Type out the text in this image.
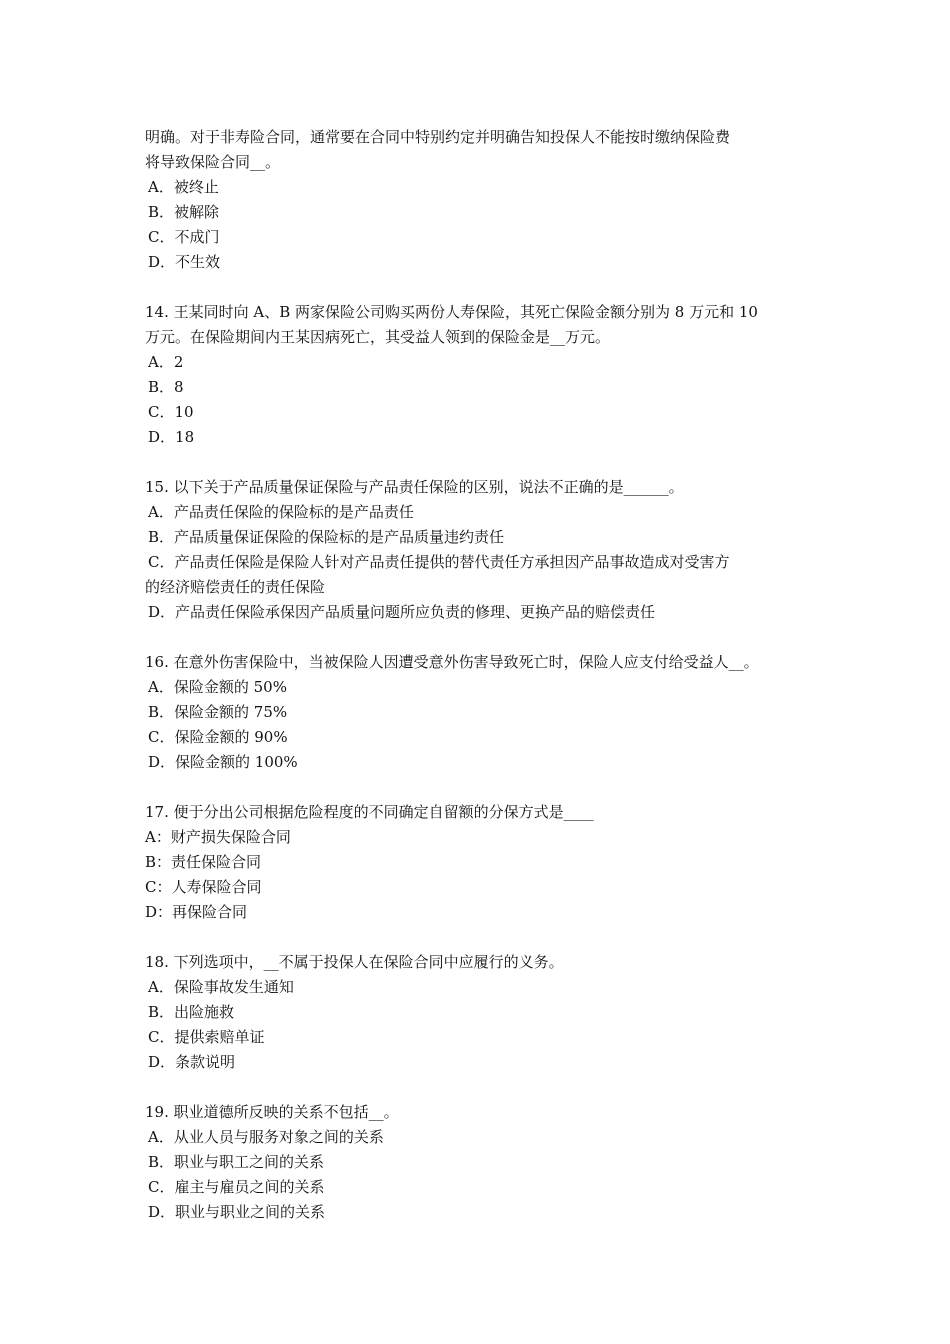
明确。对于非寿险合同，通常要在合同中特别约定并明确告知投保人不能按时缴纳保险费
将导致保险合同__。
A．被终止
B．被解除
C．不成门
D．不生效
14. 王某同时向 A、B 两家保险公司购买两份人寿保险，其死亡保险金额分别为 8 万元和 10
万元。在保险期间内王某因病死亡，其受益人领到的保险金是__万元。
A．2
B．8
C．10
D．18
15. 以下关于产品质量保证保险与产品责任保险的区别，说法不正确的是______。
A．产品责任保险的保险标的是产品责任
B．产品质量保证保险的保险标的是产品质量违约责任
C．产品责任保险是保险人针对产品责任提供的替代责任方承担因产品事故造成对受害方
的经济赔偿责任的责任保险
D．产品责任保险承保因产品质量问题所应负责的修理、更换产品的赔偿责任
16. 在意外伤害保险中，当被保险人因遭受意外伤害导致死亡时，保险人应支付给受益人__。
A．保险金额的 50%
B．保险金额的 75%
C．保险金额的 90%
D．保险金额的 100%
17. 便于分出公司根据危险程度的不同确定自留额的分保方式是____
A：财产损失保险合同
B：责任保险合同
C：人寿保险合同
D：再保险合同
18. 下列选项中，__不属于投保人在保险合同中应履行的义务。
A．保险事故发生通知
B．出险施救
C．提供索赔单证
D．条款说明
19. 职业道德所反映的关系不包括__。
A．从业人员与服务对象之间的关系
B．职业与职工之间的关系
C．雇主与雇员之间的关系
D．职业与职业之间的关系
